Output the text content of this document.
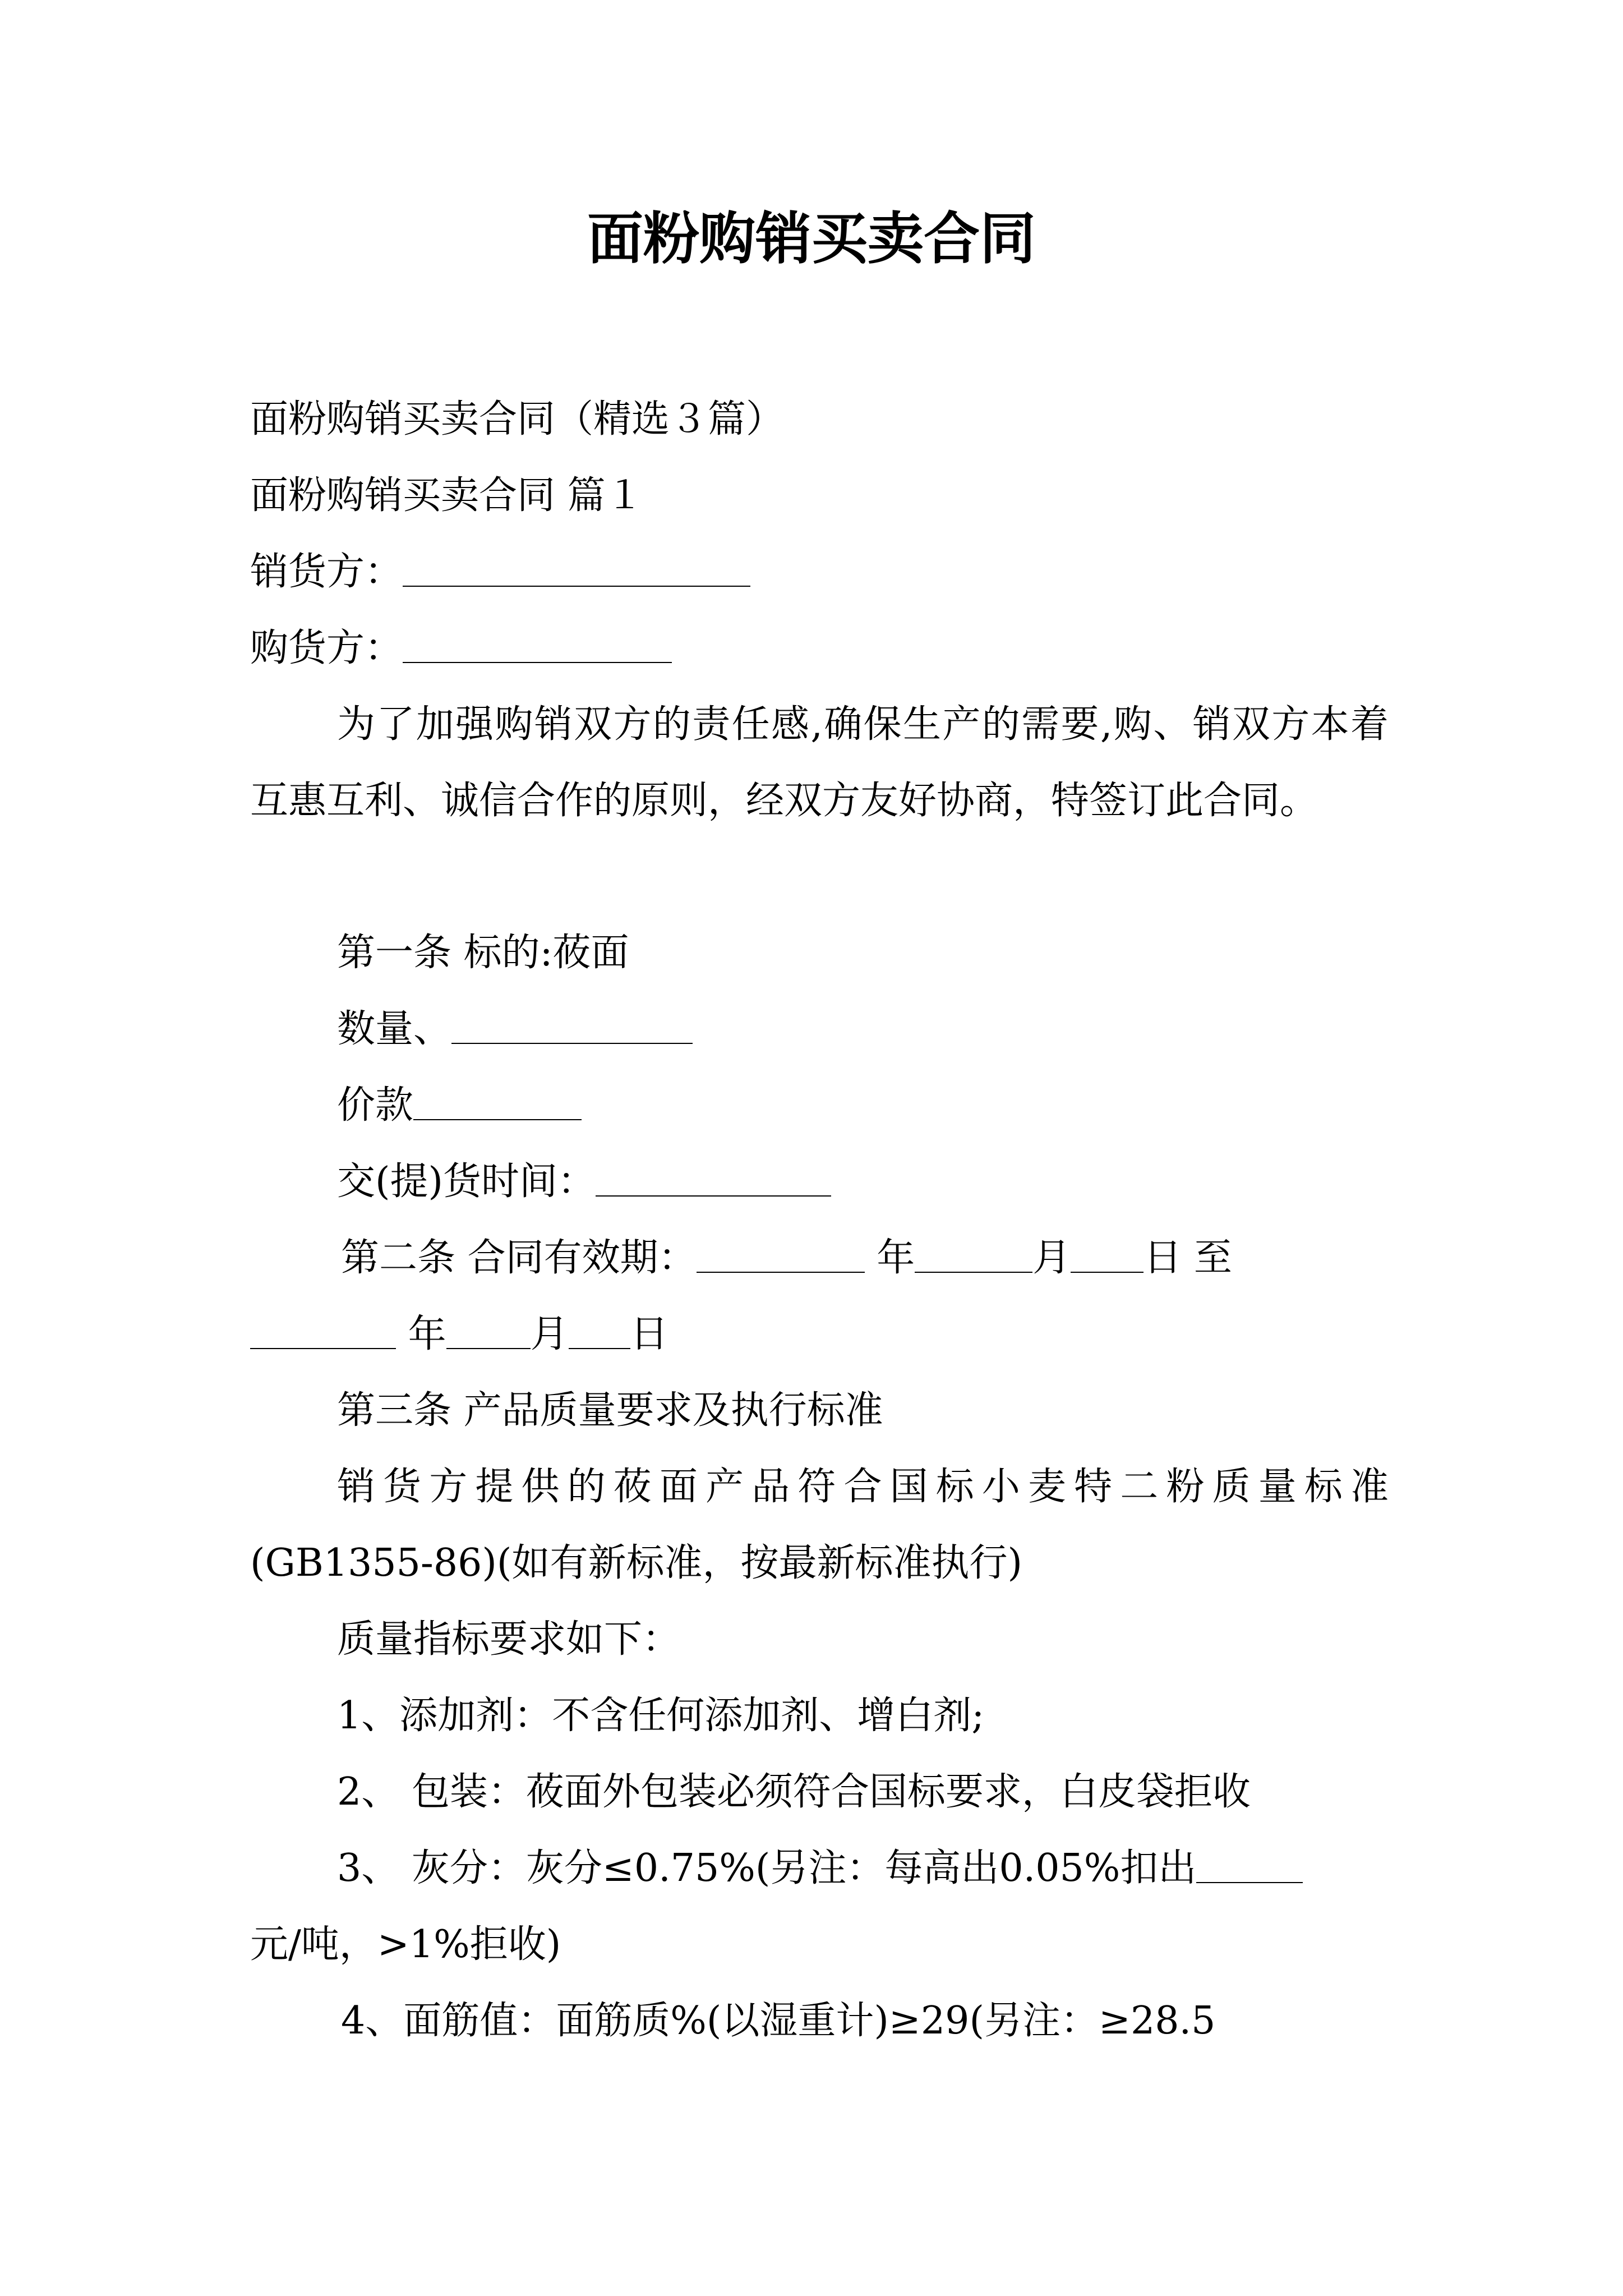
面粉购销买卖合同

面粉购销买卖合同（精选３篇）

面粉购销买卖合同 篇１

销货方：

购货方：

为了加强购销双方的责任感,确保生产的需要,购、销双方本着互惠互利、诚信合作的原则，经双方友好协商，特签订此合同。

第一条 标的:莜面

数量、

价款

交(提)货时间：

第二条 合同有效期：	年	月 日 至

年 月 日

第三条 产品质量要求及执行标准

销货方提供的莜面产品符合国标小麦特二粉质量标准(GB1355-86)(如有新标准，按最新标准执行)

质量指标要求如下：

1、添加剂：不含任何添加剂、增白剂;

2、 包装：莜面外包装必须符合国标要求，白皮袋拒收

3、 灰分：灰分≤0.75%(另注：每高出0.05%扣出

元/吨，>1%拒收)

4、面筋值：面筋质%(以湿重计)≥29(另注：≥28.5
